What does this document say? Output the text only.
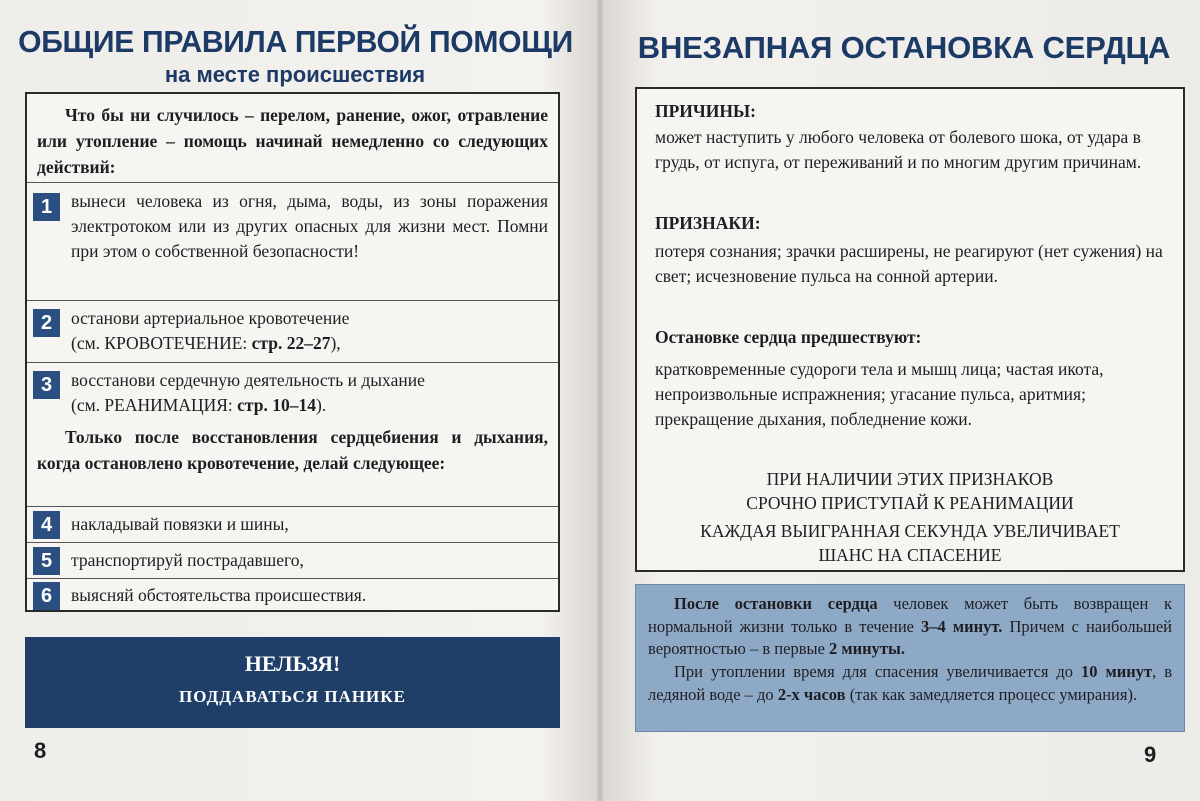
ОБЩИЕ ПРАВИЛА ПЕРВОЙ ПОМОЩИ
на месте происшествия
Что бы ни случилось – перелом, ранение, ожог, отравление или утопление – помощь начинай немедленно со следующих действий:
1	вынеси человека из огня, дыма, воды, из зоны поражения электротоком или из других опасных для жизни мест. Помни при этом о собственной безопасности!
2	останови артериальное кровотечение
(см. КРОВОТЕЧЕНИЕ: стр. 22–27),
3	восстанови сердечную деятельность и дыхание
(см. РЕАНИМАЦИЯ: стр. 10–14).
Только после восстановления сердцебиения и дыхания, когда остановлено кровотечение, делай следующее:
4	накладывай повязки и шины,
5	транспортируй пострадавшего,
6	выясняй обстоятельства происшествия.
НЕЛЬЗЯ!
ПОДДАВАТЬСЯ ПАНИКЕ
8
ВНЕЗАПНАЯ ОСТАНОВКА СЕРДЦА
ПРИЧИНЫ:
может наступить у любого человека от болевого шока, от удара в грудь, от испуга, от переживаний и по многим другим причинам.
ПРИЗНАКИ:
потеря сознания; зрачки расширены, не реагируют (нет сужения) на свет; исчезновение пульса на сонной артерии.
Остановке сердца предшествуют:
кратковременные судороги тела и мышц лица; частая икота, непроизвольные испражнения; угасание пульса, аритмия; прекращение дыхания, побледнение кожи.
ПРИ НАЛИЧИИ ЭТИХ ПРИЗНАКОВ
СРОЧНО ПРИСТУПАЙ К РЕАНИМАЦИИ
КАЖДАЯ ВЫИГРАННАЯ СЕКУНДА УВЕЛИЧИВАЕТ
ШАНС НА СПАСЕНИЕ
После остановки сердца человек может быть возвращен к нормальной жизни только в течение 3–4 минут. Причем с наибольшей вероятностью – в первые 2 минуты.
При утоплении время для спасения увеличивается до 10 минут, в ледяной воде – до 2-х часов (так как замедляется процесс умирания).
9
